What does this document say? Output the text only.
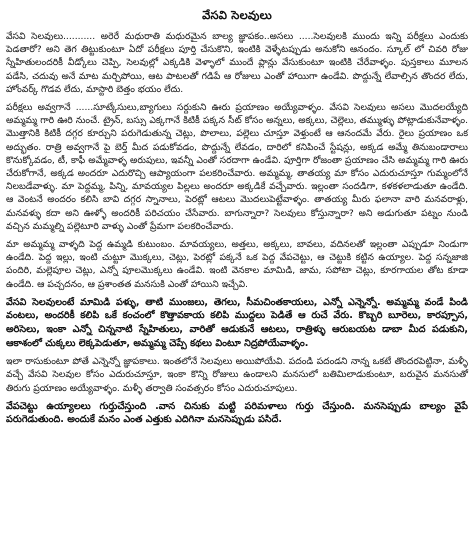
వేసవి సెలవులు

వేసవి సెలవులు........... అరెరే మధురాతి మధురమైన బాల్య జ్ఞాపకం..అసలు .....సెలవులకి ముందు ఇన్ని పరీక్షలు ఎందుకు పెడతారో? అని తెగ తిట్టుకుంటూ ఏదో పరీక్షలు పూర్తి చేసుకొని, ఇంటికి వెళ్ళేటప్పుడు అనుకోని ఆనందం. స్కూల్ లో చివరి రోజు స్నేహితులందరికీ వీడ్కోలు చెప్పి, సెలవుల్లో ఎక్కడికి వెళ్ళాలో ముందే ప్లాన్లు వేసుకుంటూ ఇంటికి చేరేవాళ్ళం. పుస్తకాలు మూలన పడేసి, చదువు అనే మాట మర్చిపోయి, ఆట పాటలతో గడిపే ఆ రోజులు ఎంతో హాయిగా ఉండేవి. పొద్దున్నే లేవాల్సిన తొందర లేదు, హోంవర్క్ గొడవ లేదు, మాస్టారి బెత్తం భయం లేదు.

పరీక్షలు అవ్వగానే ......సూట్కేసులు,బ్యాగులు సర్దుకుని ఊరు ప్రయాణం అయ్యేవాళ్ళం. వేసవి సెలవులు అసలు మొదలయ్యేది అమ్మమ్మ గారి ఊరి నుంచే. ట్రైన్, బస్సు ఎక్కగానే కిటికీ పక్కన సీట్ కోసం అన్నలు, అక్కలు, చెల్లెలు, తమ్ముళ్ళు పోట్లాడుకునేవాళ్ళం. మొత్తానికి కిటికీ దగ్గర కూర్చుని పరుగెడుతున్న చెట్లు, పొలాలు, పల్లెలు చూస్తూ వెళ్తుంటే ఆ ఆనందమే వేరు. రైలు ప్రయాణం ఒక అద్భుతం. రాత్రి అవ్వగానే పై బెర్త్ మీద పడుకోవడం, పొద్దున్నే లేవడం, దారిలో కనిపించే స్టేషన్లు, అక్కడ అమ్మే తినుబండారాలు కొనుక్కోవడం, టీ, కాఫీ అమ్మేవాళ్ళ అరుపులు, ఇవన్నీ ఎంతో సరదాగా ఉండేవి. పూర్తిగా రోజంతా ప్రయాణం చేసి అమ్మమ్మ గారి ఊరు చేరుకోగానే, అక్కడ అందరూ ఎదురొచ్చి ఆప్యాయంగా పలకరించేవారు. అమ్మమ్మ, తాతయ్య మా కోసం ఎదురుచూస్తూ గుమ్మంలోనే నిలబడేవాళ్ళు. మా పెద్దమ్మ, పిన్ని, మావయ్యల పిల్లలు అందరూ అక్కడికే వచ్చేవారు. ఇల్లంతా సందడిగా, కళకళలాడుతూ ఉండేది. ఆ వెంటనే అందరం కలిసి బావి దగ్గర స్నానాలు, పెరట్లో ఆటలు మొదలుపెట్టేవాళ్ళం. తాతయ్య మీరు ఫలానా వారి మనవరాళ్లు, మనవళ్ళు కదా అని ఊళ్ళో అందరికీ పరిచయం చేసేవారు. బాగున్నారా? సెలవులు కోస్తున్నారా? అని అడుగుతూ పట్నం నుండి వచ్చిన మమ్మల్ని పల్లెటూరి వాళ్ళు ఎంతో ప్రేమగా పలకరించేవారు.

మా అమ్మమ్మ వాళ్ళది పెద్ద ఉమ్మడి కుటుంబం. మావయ్యలు, అత్తలు, అక్కలు, బావలు, వదినలతో ఇల్లంతా ఎప్పుడూ నిండుగా ఉండేది. పెద్ద ఇల్లు, ఇంటి చుట్టూ మొక్కలు, చెట్లు, పెరట్లో పక్కనే ఒక పెద్ద వేపచెట్టు, ఆ చెట్టుకి కట్టిన ఉయ్యాల. పెద్ద సన్నజాజి పందిరి, మల్లెపూల చెట్లు, ఎన్నో పూలమొక్కలు ఉండేవి. ఇంటి వెనకాల మామిడి, జామ, సపోటా చెట్లు, కూరగాయల తోట కూడా ఉండేది. ఆ పచ్చదనం, ఆ ప్రశాంతత మనసుకి ఎంతో హాయిని ఇచ్చేవి.

వేసవి సెలవులంటే మామిడి పళ్ళు, తాటి ముంజలు, తెగలు, సీమచింతకాయలు, ఎన్నో ఎన్నెన్నో. అమ్మమ్మ వండే పిండి వంటలు, అందరికీ కలిపి ఒకే కంచంలో కొత్తావకాయ కలిపి ముద్దలు పెడితే ఆ రుచే వేరు. కొబ్బరి బూరెలు, కారప్పూస, అరిసెలు, ఇంకా ఎన్నో చిన్ననాటి స్నేహితులు, వారితో ఆడుకునే ఆటలు, రాత్రిళ్ళు ఆరుబయట డాబా మీద పడుకుని, ఆకాశంలో చుక్కలు లెక్కపెడుతూ, అమ్మమ్మ చెప్పే కథలు వింటూ నిద్రపోయేవాళ్ళం.

ఇలా రాసుకుంటూ పోతే ఎన్నెన్నో జ్ఞాపకాలు. ఇంతలోనే సెలవులు అయిపోయేవి. పదండి పదండని నాన్న ఒకటే తొందరపెట్టినా, మళ్ళీ వచ్చే వేసవి సెలవుల కోసం ఎదురుచూస్తూ, ఇంకా కొన్ని రోజులు ఉండాలని మనసులో బతిమిలాడుకుంటూ, బరువైన మనసుతో తిరుగు ప్రయాణం అయ్యేవాళ్ళం. మళ్ళీ తర్వాతి సంవత్సరం కోసం ఎదురుచూపులు.

వేపచెట్టు ఉయ్యాలలు గుర్తుచేస్తుంది .వాన చినుకు మట్టి పరిమళాలు గుర్తు చేస్తుంది. మనసెప్పుడు బాల్యం వైపే పరుగెడుతుంది. అందుకే మనం ఎంత ఎత్తుకు ఎదిగినా మనసెప్పుడు పసిదే.
